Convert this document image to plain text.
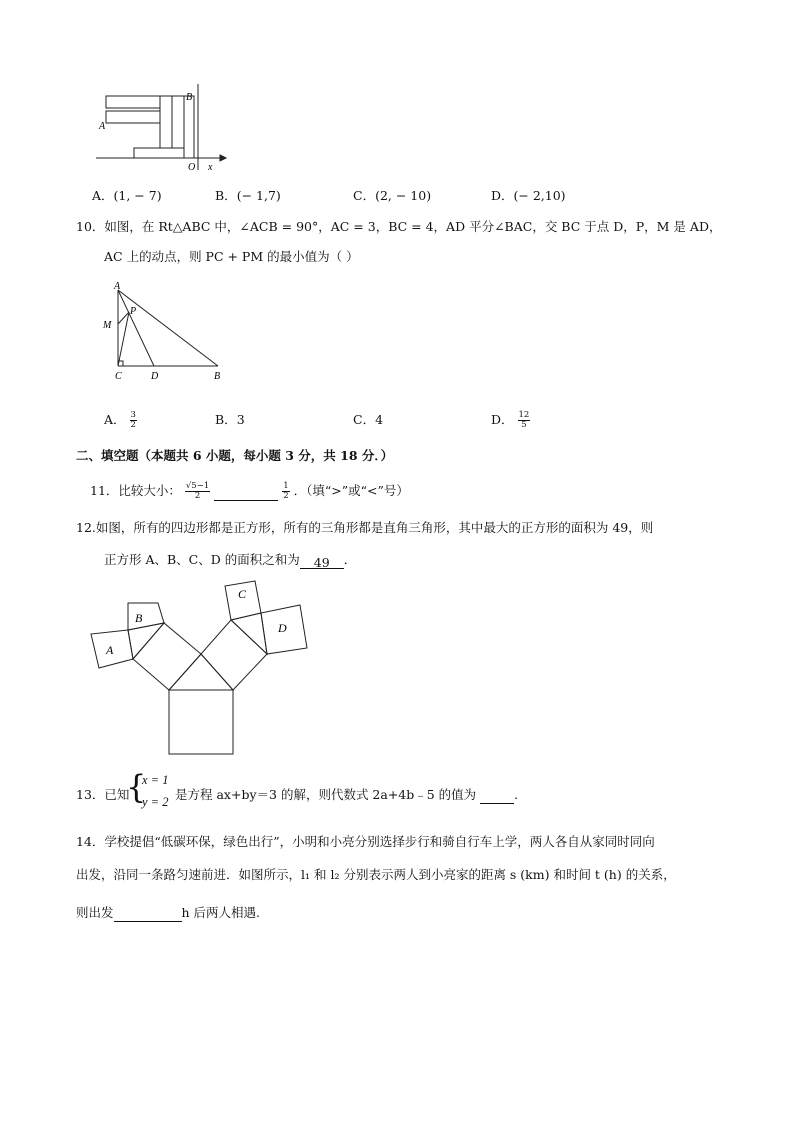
B
A
O x
A．(1, − 7)	B．(− 1,7)	C．(2, − 10)	D．(− 2,10)
10．如图，在 Rt△ABC 中，∠ACB = 90°，AC = 3，BC = 4，AD 平分∠BAC，交 BC 于点 D，P，M 是 AD，
AC 上的动点，则 PC + PM 的最小值为（ ）
A
M
P
C	D	B
A． $\frac{3}{2}$	B．3	C．4	D． $\frac{12}{5}$
二、填空题（本题共 6 小题，每小题 3 分，共 18 分．）
11．比较大小： $\frac{√5-1}{2}$
	$\frac{1}{2}$ ．（填“>”或“<”号）
12.如图，所有的四边形都是正方形，所有的三角形都是直角三角形，其中最大的正方形的面积为 49，则
正方形 A、B、C、D 的面积之和为 49 ．
A
B
C
D
13．已知
{
x = 1
y = 2 是方程 ax+by＝3 的解，则代数式 2a+4b﹣5 的值为	.
14．学校提倡“低碳环保，绿色出行”，小明和小亮分别选择步行和骑自行车上学，两人各自从家同时同向
出发，沿同一条路匀速前进．如图所示，l₁ 和 l₂ 分别表示两人到小亮家的距离 s (km) 和时间 t (h) 的关系，
则出发	h 后两人相遇.
